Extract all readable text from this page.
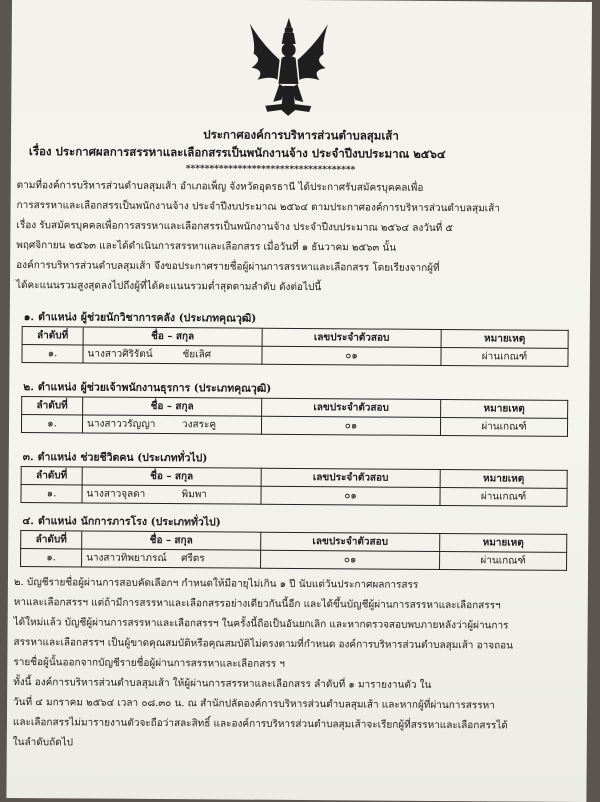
ประกาศองค์การบริหารส่วนตำบลสุมเส้า
เรื่อง ประกาศผลการสรรหาและเลือกสรรเป็นพนักงานจ้าง ประจำปีงบประมาณ ๒๕๖๔
************************************
ตามที่องค์การบริหารส่วนตำบลสุมเส้า อำเภอเพ็ญ จังหวัดอุดรธานี ได้ประกาศรับสมัครบุคคลเพื่อ
การสรรหาและเลือกสรรเป็นพนักงานจ้าง ประจำปีงบประมาณ ๒๕๖๔ ตามประกาศองค์การบริหารส่วนตำบลสุมเส้า
เรื่อง รับสมัครบุคคลเพื่อการสรรหาและเลือกสรรเป็นพนักงานจ้าง ประจำปีงบประมาณ ๒๕๖๔ ลงวันที่ ๕
พฤศจิกายน ๒๕๖๓ และได้ดำเนินการสรรหาและเลือกสรร เมื่อวันที่ ๑ ธันวาคม ๒๕๖๓ นั้น
องค์การบริหารส่วนตำบลสุมเส้า จึงขอประกาศรายชื่อผู้ผ่านการสรรหาและเลือกสรร โดยเรียงจากผู้ที่
ได้คะแนนรวมสูงสุดลงไปถึงผู้ที่ได้คะแนนรวมต่ำสุดตามลำดับ ดังต่อไปนี้
๑. ตำแหน่ง ผู้ช่วยนักวิชาการคลัง (ประเภทคุณวุฒิ)
ลำดับที่	ชื่อ – สกุล	เลขประจำตัวสอบ	หมายเหตุ
๑.	นางสาวศิริรัตน์ ชัยเลิศ	๐๑	ผ่านเกณฑ์
๒. ตำแหน่ง ผู้ช่วยเจ้าพนักงานธุรการ (ประเภทคุณวุฒิ)
ลำดับที่	ชื่อ – สกุล	เลขประจำตัวสอบ	หมายเหตุ
๑.	นางสาววรัญญา วงสระคู	๐๑	ผ่านเกณฑ์
๓. ตำแหน่ง ช่วยชีวิตคน (ประเภททั่วไป)
ลำดับที่	ชื่อ – สกุล	เลขประจำตัวสอบ	หมายเหตุ
๑.	นางสาวจุลดา พิมพา	๐๑	ผ่านเกณฑ์
๔. ตำแหน่ง นักการภารโรง (ประเภททั่วไป)
ลำดับที่	ชื่อ – สกุล	เลขประจำตัวสอบ	หมายเหตุ
๑.	นางสาวทิพยาภรณ์ ศรีตร	๐๑	ผ่านเกณฑ์
๒. บัญชีรายชื่อผู้ผ่านการสอบคัดเลือกฯ กำหนดให้มีอายุไม่เกิน ๑ ปี นับแต่วันประกาศผลการสรร
หาและเลือกสรรฯ แต่ถ้ามีการสรรหาและเลือกสรรอย่างเดียวกันนี้อีก และได้ขึ้นบัญชีผู้ผ่านการสรรหาและเลือกสรรฯ
ได้ใหม่แล้ว บัญชีผู้ผ่านการสรรหาและเลือกสรรฯ ในครั้งนี้ถือเป็นอันยกเลิก และหากตรวจสอบพบภายหลังว่าผู้ผ่านการ
สรรหาและเลือกสรรฯ เป็นผู้ขาดคุณสมบัติหรือคุณสมบัติไม่ตรงตามที่กำหนด องค์การบริหารส่วนตำบลสุมเส้า อาจถอน
รายชื่อผู้นั้นออกจากบัญชีรายชื่อผู้ผ่านการสรรหาและเลือกสรร ฯ
ทั้งนี้ องค์การบริหารส่วนตำบลสุมเส้า ให้ผู้ผ่านการสรรหาและเลือกสรร ลำดับที่ ๑ มารายงานตัว ใน
วันที่ ๔ มกราคม ๒๕๖๔ เวลา ๐๘.๓๐ น. ณ สำนักปลัดองค์การบริหารส่วนตำบลสุมเส้า และหากผู้ที่ผ่านการสรรหา
และเลือกสรรไม่มารายงานตัวจะถือว่าสละสิทธิ์ และองค์การบริหารส่วนตำบลสุมเส้าจะเรียกผู้ที่สรรหาและเลือกสรรได้
ในลำดับถัดไป
